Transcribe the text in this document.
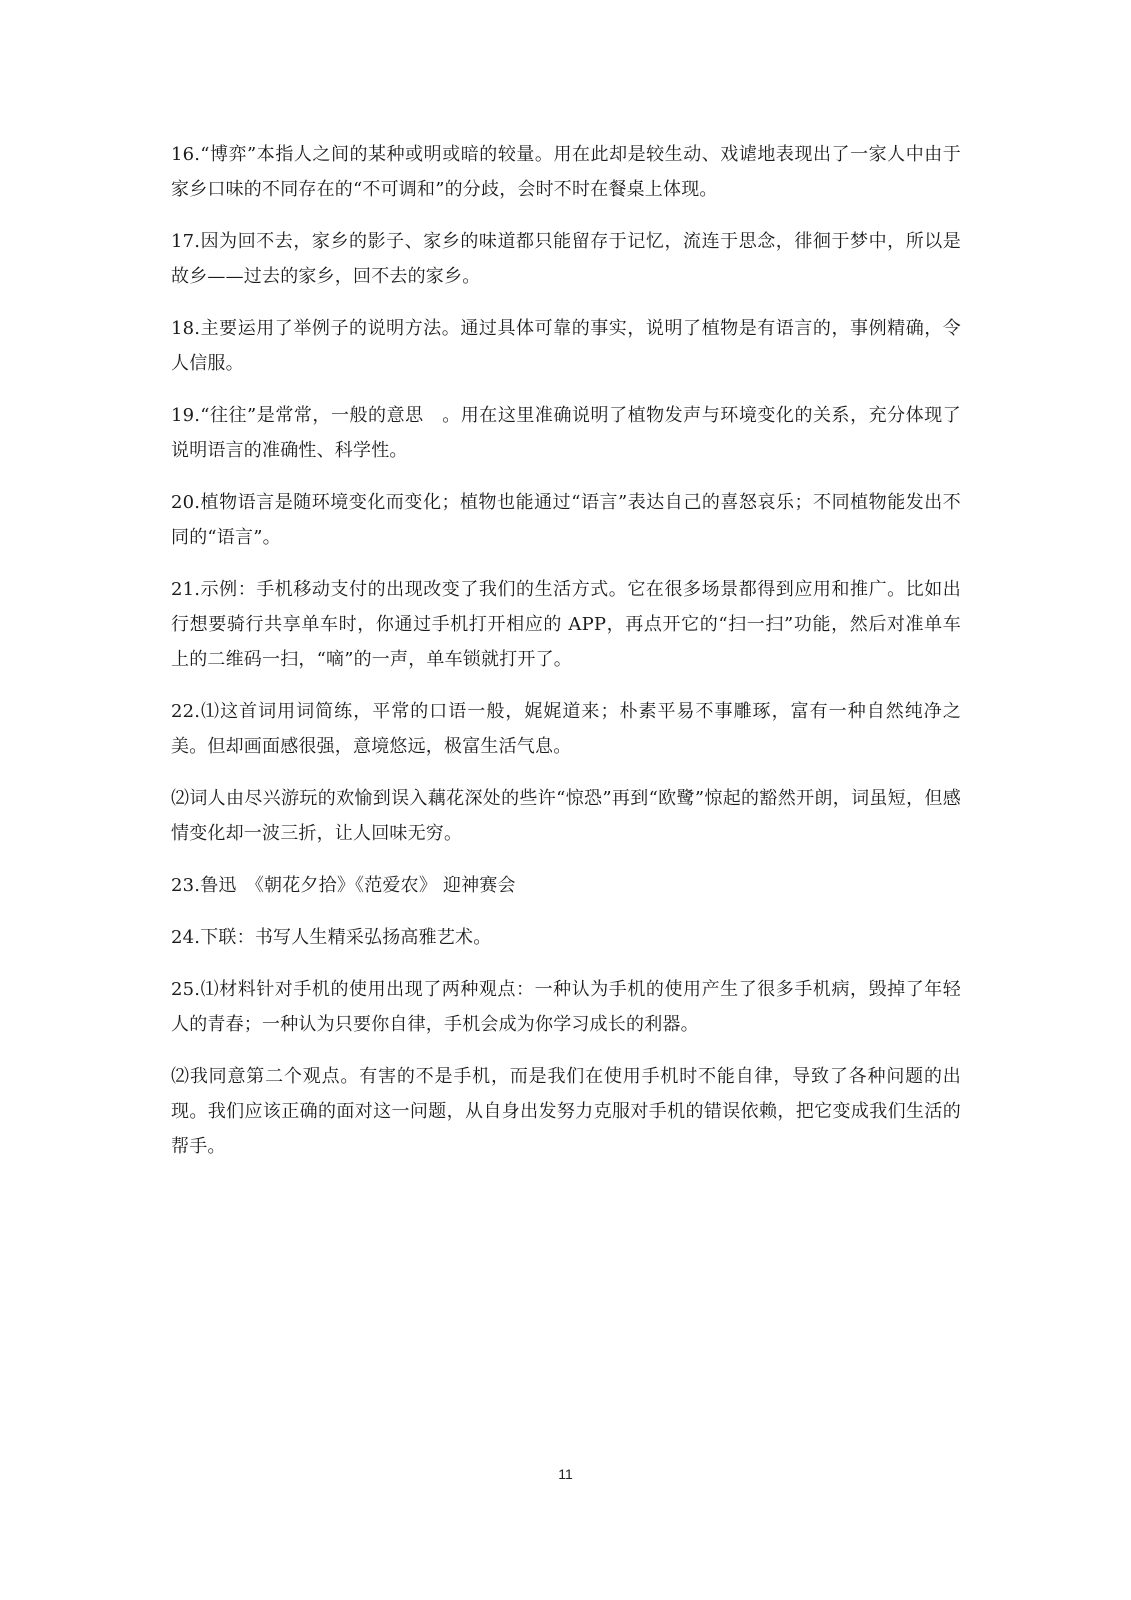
16.“博弈”本指人之间的某种或明或暗的较量。用在此却是较生动、戏谑地表现出了一家人中由于家乡口味的不同存在的“不可调和”的分歧，会时不时在餐桌上体现。

17.因为回不去，家乡的影子、家乡的味道都只能留存于记忆，流连于思念，徘徊于梦中，所以是故乡——过去的家乡，回不去的家乡。

18.主要运用了举例子的说明方法。通过具体可靠的事实，说明了植物是有语言的，事例精确，令人信服。

19.“往往”是常常，一般的意思　。用在这里准确说明了植物发声与环境变化的关系，充分体现了说明语言的准确性、科学性。

20.植物语言是随环境变化而变化；植物也能通过“语言”表达自己的喜怒哀乐；不同植物能发出不同的“语言”。

21.示例：手机移动支付的出现改变了我们的生活方式。它在很多场景都得到应用和推广。比如出行想要骑行共享单车时，你通过手机打开相应的 APP，再点开它的“扫一扫”功能，然后对准单车上的二维码一扫，“嘀”的一声，单车锁就打开了。

22.⑴这首词用词简练，平常的口语一般，娓娓道来；朴素平易不事雕琢，富有一种自然纯净之美。但却画面感很强，意境悠远，极富生活气息。

⑵词人由尽兴游玩的欢愉到误入藕花深处的些许“惊恐”再到“欧鹭”惊起的豁然开朗，词虽短，但感情变化却一波三折，让人回味无穷。

23.鲁迅　《朝花夕拾》《范爱农》 迎神赛会

24.下联：书写人生精采弘扬高雅艺术。

25.⑴材料针对手机的使用出现了两种观点：一种认为手机的使用产生了很多手机病，毁掉了年轻人的青春；一种认为只要你自律，手机会成为你学习成长的利器。

⑵我同意第二个观点。有害的不是手机，而是我们在使用手机时不能自律，导致了各种问题的出现。我们应该正确的面对这一问题，从自身出发努力克服对手机的错误依赖，把它变成我们生活的帮手。

11
